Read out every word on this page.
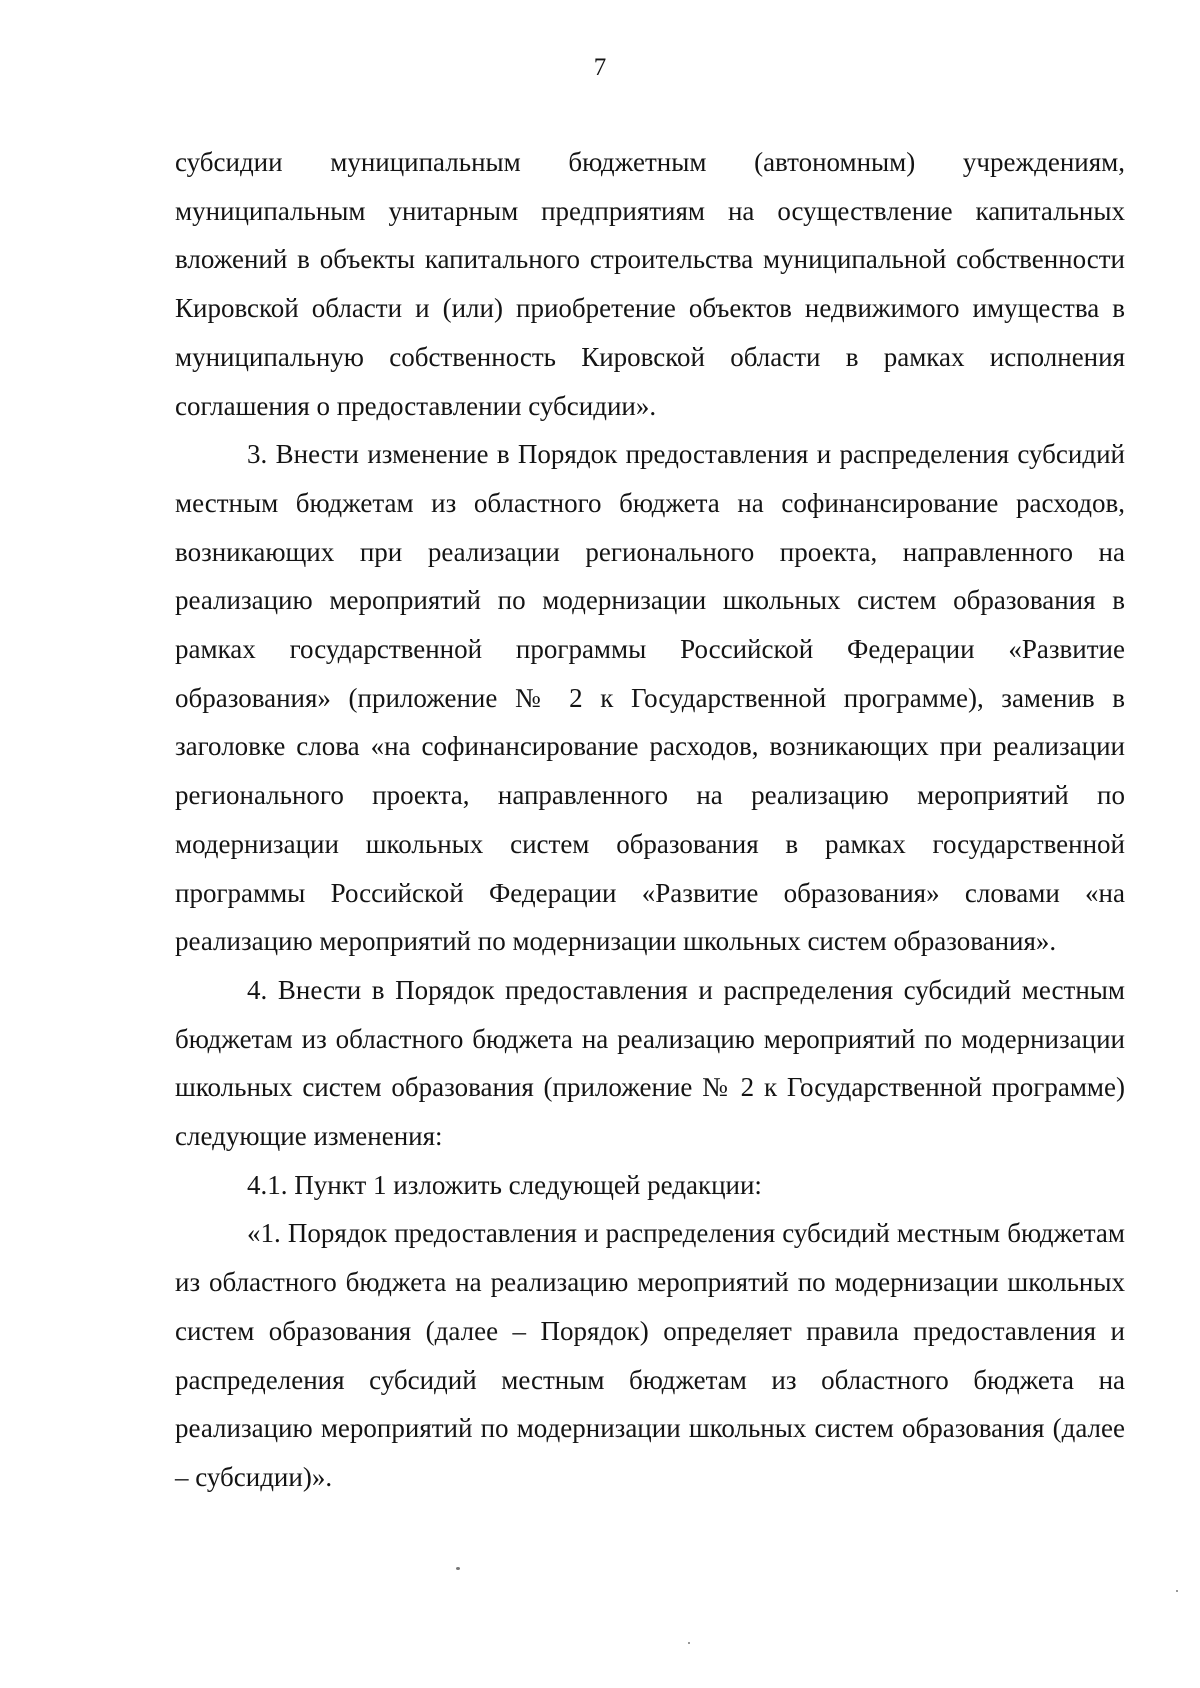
7

субсидии муниципальным бюджетным (автономным) учреждениям, муниципальным унитарным предприятиям на осуществление капитальных вложений в объекты капитального строительства муниципальной собственности Кировской области и (или) приобретение объектов недвижимого имущества в муниципальную собственность Кировской области в рамках исполнения соглашения о предоставлении субсидии».

3. Внести изменение в Порядок предоставления и распределения субсидий местным бюджетам из областного бюджета на софинансирование расходов, возникающих при реализации регионального проекта, направленного на реализацию мероприятий по модернизации школьных систем образования в рамках государственной программы Российской Федерации «Развитие образования» (приложение № 2 к Государственной программе), заменив в заголовке слова «на софинансирование расходов, возникающих при реализации регионального проекта, направленного на реализацию мероприятий по модернизации школьных систем образования в рамках государственной программы Российской Федерации «Развитие образования» словами «на реализацию мероприятий по модернизации школьных систем образования».

4. Внести в Порядок предоставления и распределения субсидий местным бюджетам из областного бюджета на реализацию мероприятий по модернизации школьных систем образования (приложение № 2 к Государственной программе) следующие изменения:

4.1. Пункт 1 изложить следующей редакции:

«1. Порядок предоставления и распределения субсидий местным бюджетам из областного бюджета на реализацию мероприятий по модернизации школьных систем образования (далее – Порядок) определяет правила предоставления и распределения субсидий местным бюджетам из областного бюджета на реализацию мероприятий по модернизации школьных систем образования (далее – субсидии)».
